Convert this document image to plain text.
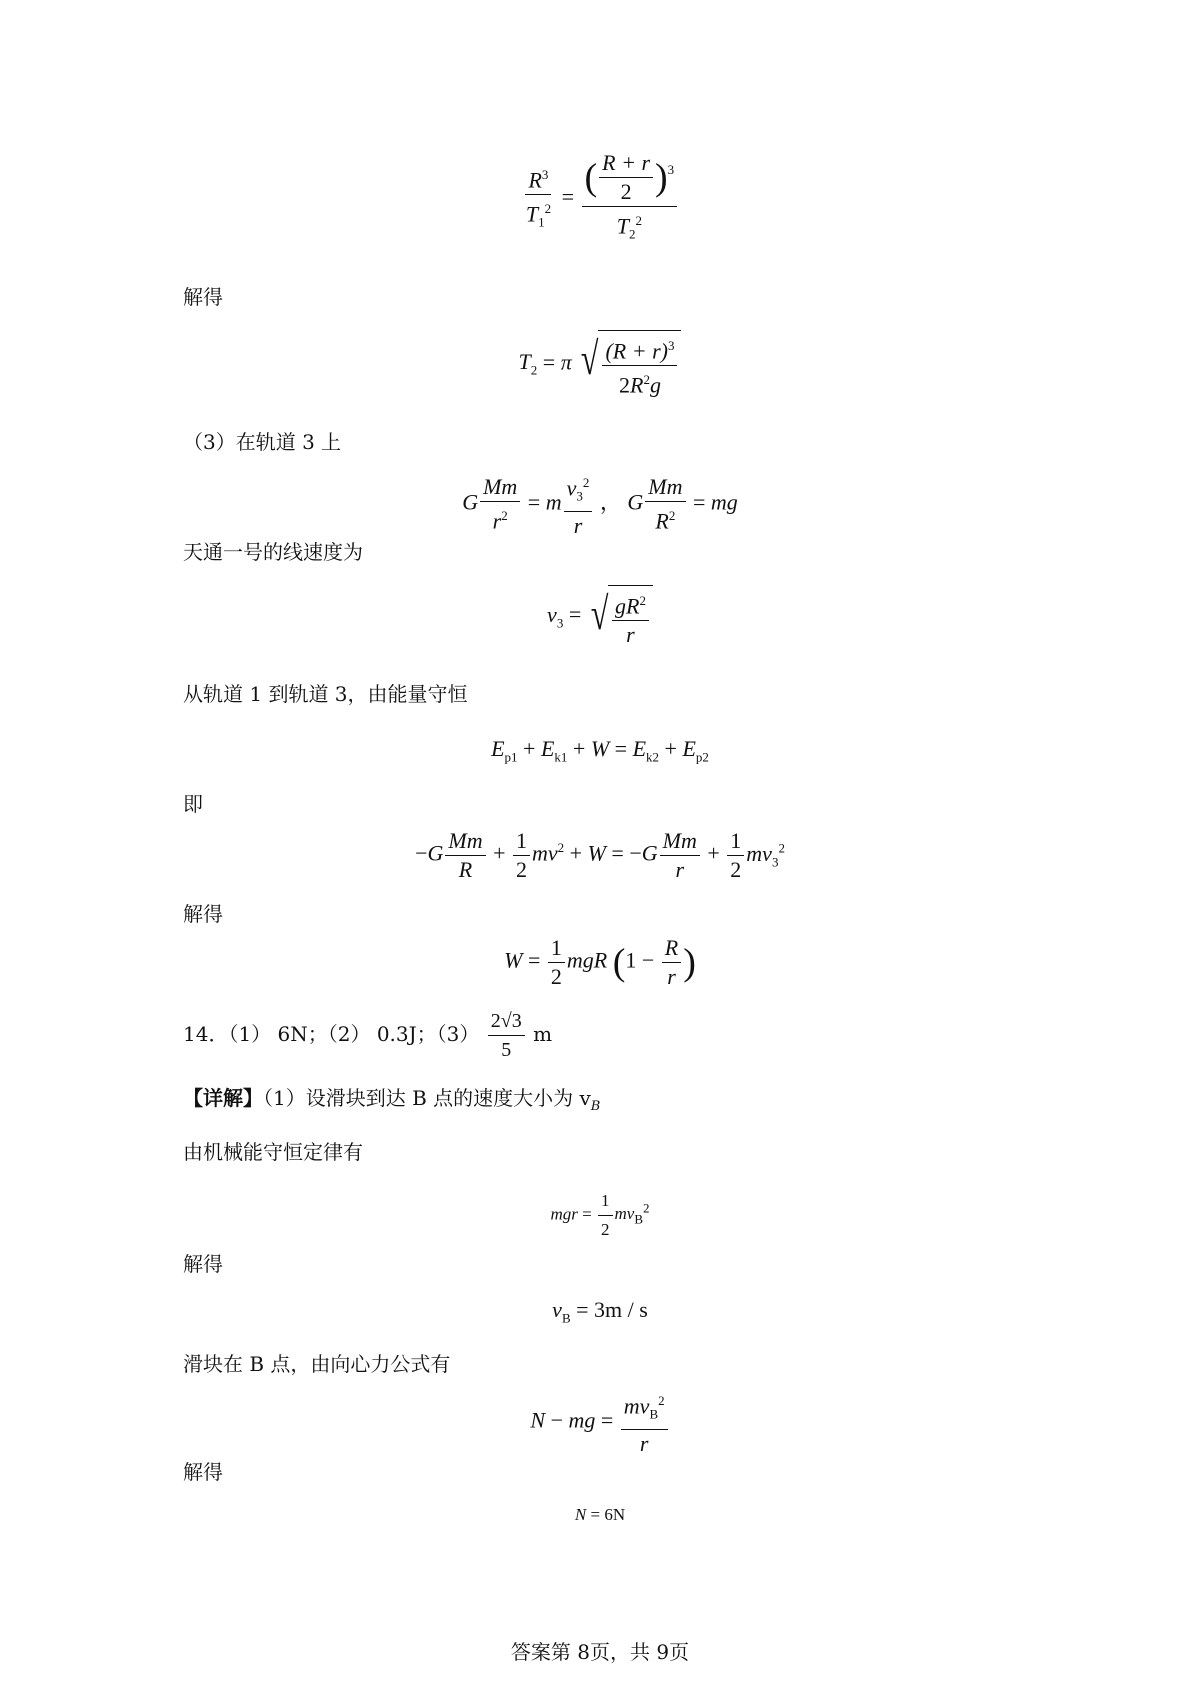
$\frac{R^3}{T_1^2} = \frac{( \frac{R + r}{2} )^3}{T_2^2}$
解得
$T_2 = \pi$ √ $\frac{(R + r)^3}{2R^2g}$
（3）在轨道 3 上
G $\frac{Mm}{r^2} = m \frac{v_3^2}{r}$ ， G $\frac{Mm}{R^2}$ = mg
天通一号的线速度为
$v_3$ = √ $\frac{gR^2}{r}$
从轨道 1 到轨道 3，由能量守恒
$E_{p1} + E_{k1} + W = E_{k2} + E_{p2}$
即
$-G \frac{Mm}{R} + \frac{1}{2} mv^2 + W = -G \frac{Mm}{r} + \frac{1}{2} mv_3^2$
解得
$W = \frac{1}{2}$ mgR ($1 - \frac{R}{r}$ )
14．（1） 6N；（2） 0.3J；$(3) \frac{2√3}{5}$ m
【详解】（1）设滑块到达 B 点的速度大小为 $v_B$
由机械能守恒定律有
mgr = $\frac{1}{2} mv_B^2$
解得
$v_B = 3m / s$
滑块在 B 点，由向心力公式有
N − mg = $\frac{mv_B^2}{r}$
解得
N = 6N
答案第 8页，共 9页
